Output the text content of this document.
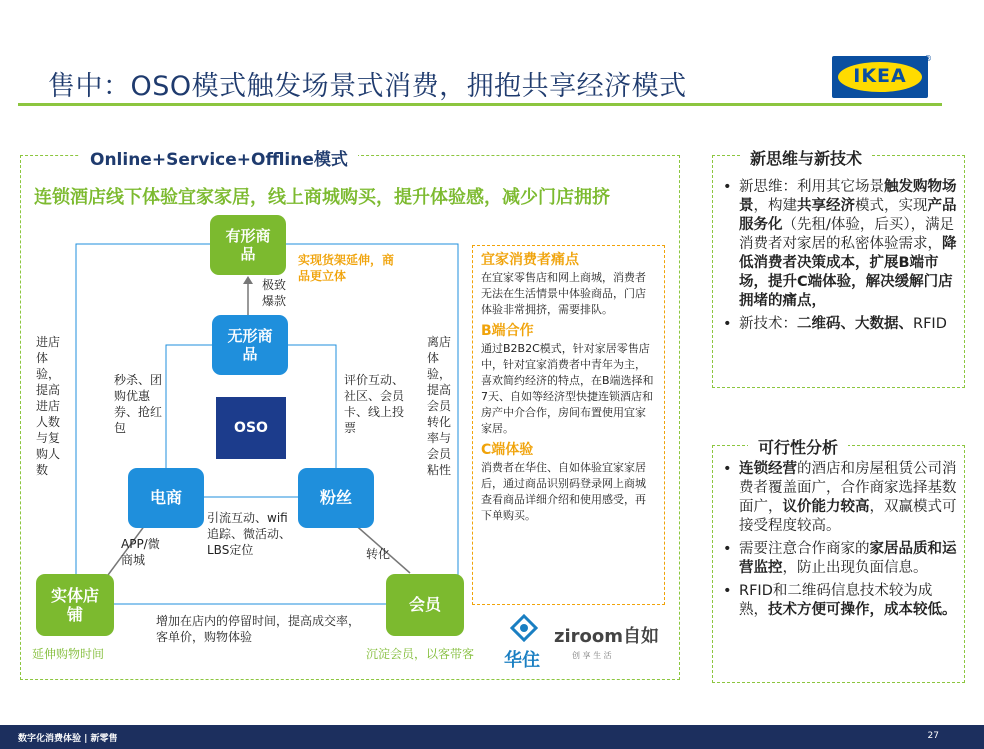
售中：OSO模式触发场景式消费，拥抱共享经济模式	IKEA
®
Online+Service+Offline模式
连锁酒店线下体验宜家家居，线上商城购买，提升体验感，减少门店拥挤
有形商品
无形商品
OSO
电商	粉丝
实体店铺
会员
实现货架延伸，商品更立体
极致爆款
进店体验，提高进店人数与复购人数
离店体验，提高会员转化率与会员粘性
秒杀、团购优惠券、抢红包
评价互动、社区、会员卡、线上投票
引流互动、wifi追踪、微活动、LBS定位
APP/微商城	转化
增加在店内的停留时间，提高成交率，客单价，购物体验
延伸购物时间	沉淀会员，以客带客
宜家消费者痛点
在宜家零售店和网上商城，消费者无法在生活情景中体验商品，门店体验非常拥挤，需要排队。
B端合作
通过B2B2C模式，针对家居零售店中，针对宜家消费者中青年为主，喜欢简约经济的特点，在B端选择和7天、自如等经济型快捷连锁酒店和房产中介合作，房间布置使用宜家家居。
C端体验
消费者在华住、自如体验宜家家居后，通过商品识别码登录网上商城查看商品详细介绍和使用感受，再下单购买。
华住
ziroom自如
创 享 生 活
• 新思维：利用其它场景触发购物场景，构建共享经济模式，实现产品服务化（先租/体验，后买），满足消费者对家居的私密体验需求，降低消费者决策成本，扩展B端市场，提升C端体验，解决缓解门店拥堵的痛点，
• 新技术：二维码、大数据、RFID
新思维与新技术
• 连锁经营的酒店和房屋租赁公司消费者覆盖面广，合作商家选择基数面广，议价能力较高，双赢模式可接受程度较高。
• 需要注意合作商家的家居品质和运营监控，防止出现负面信息。
• RFID和二维码信息技术较为成熟，技术方便可操作，成本较低。
可行性分析
数字化消费体验 | 新零售	27
